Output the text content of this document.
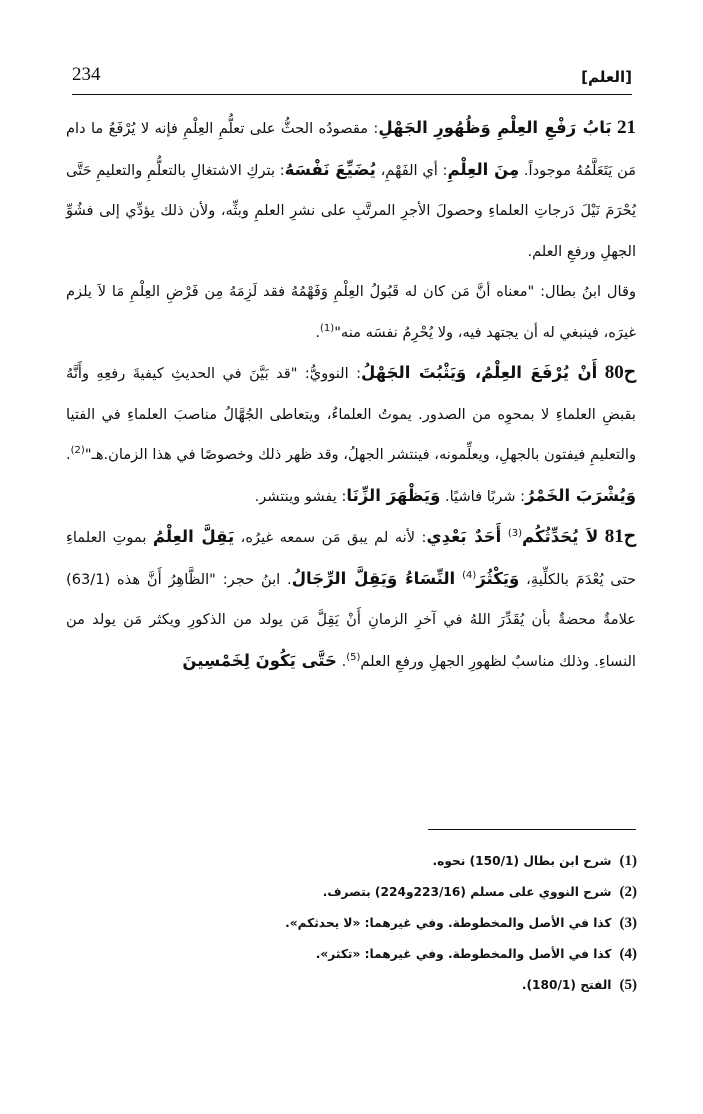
234	[العلم]

21 بَابُ رَفْعِ العِلْمِ وَظُهُورِ الجَهْلِ: مقصودُه الحثُّ على تعلُّمِ العِلْمِ فإنه لا يُرْفَعُ ما دام مَن يَتَعَلَّمُهُ موجوداً. مِنَ العِلْمِ: أي الفَهْمِ، يُضَيِّعَ نَفْسَهُ: بتركِ الاشتغالِ بالتعلُّمِ والتعليمِ حَتَّى يُحْرَمَ نَيْلَ دَرجاتِ العلماءِ وحصولَ الأجرِ المرتَّبِ على نشرِ العلمِ وبثِّه، ولأن ذلك يؤدِّي إلى فشُوِّ الجهلِ ورفعِ العلم.

وقال ابنُ بطال: "معناه أنَّ مَن كان له قَبُولُ العِلْمِ وَفَهْمُهُ فقد لَزِمَهُ مِن فَرْضِ العِلْمِ مَا لاَ يلزم غيرَه، فينبغي له أن يجتهد فيه، ولا يُحْرِمُ نفسَه منه"$^{(1)}$.

ح80 أَنْ يُرْفَعَ العِلْمُ، وَيَثْبُتَ الجَهْلُ: النوويُّ: "قد بَيَّنَ في الحديثِ كيفيةَ رفعِهِ وأَنَّهُ بقبضِ العلماءِ لا بمحوِه من الصدور. يموتُ العلماءُ، ويتعاطى الجُهَّالُ مناصبَ العلماءِ في الفتيا والتعليمِ فيفتون بالجهلِ، ويعلِّمونه، فينتشر الجهلُ، وقد ظهر ذلك وخصوصًا في هذا الزمان.هـ"$^{(2)}$. وَيُشْرَبَ الخَمْرُ: شربًا فاشيًا. وَيَظْهَرَ الزِّنَا: يفشو وينتشر.

ح81 لاَ يُحَدِّثُكُم$^{(3)}$ أَحَدٌ بَعْدِي: لأنه لم يبق مَن سمعه غيرُه، يَقِلَّ العِلْمُ بموتِ العلماءِ حتى يُعْدَمَ بالكلِّيةِ، وَيَكْثُرَ$^{(4)}$ النِّسَاءُ وَيَقِلَّ الرِّجَالُ. ابنُ حجر: "الظَّاهِرُ أَنَّ هذه (63/1) علامةٌ محضةٌ بأن يُقَدِّرَ اللهُ في آخرِ الزمانِ أَنْ يَقِلَّ مَن يولد من الذكورِ ويكثر مَن يولد من النساءِ. وذلك مناسبٌ لظهورِ الجهلِ ورفعِ العلم$^{(5)}$. حَتَّى يَكُونَ لِخَمْسِينَ

(1)شرح ابن بطال (150/1) نحوه.
(2)شرح النووي على مسلم (223/16و224) بتصرف.
(3)كذا في الأصل والمخطوطة. وفي غيرهما: «لا يحدثكم».
(4)كذا في الأصل والمخطوطة. وفي غيرهما: «تكثر».
(5)الفتح (180/1).
